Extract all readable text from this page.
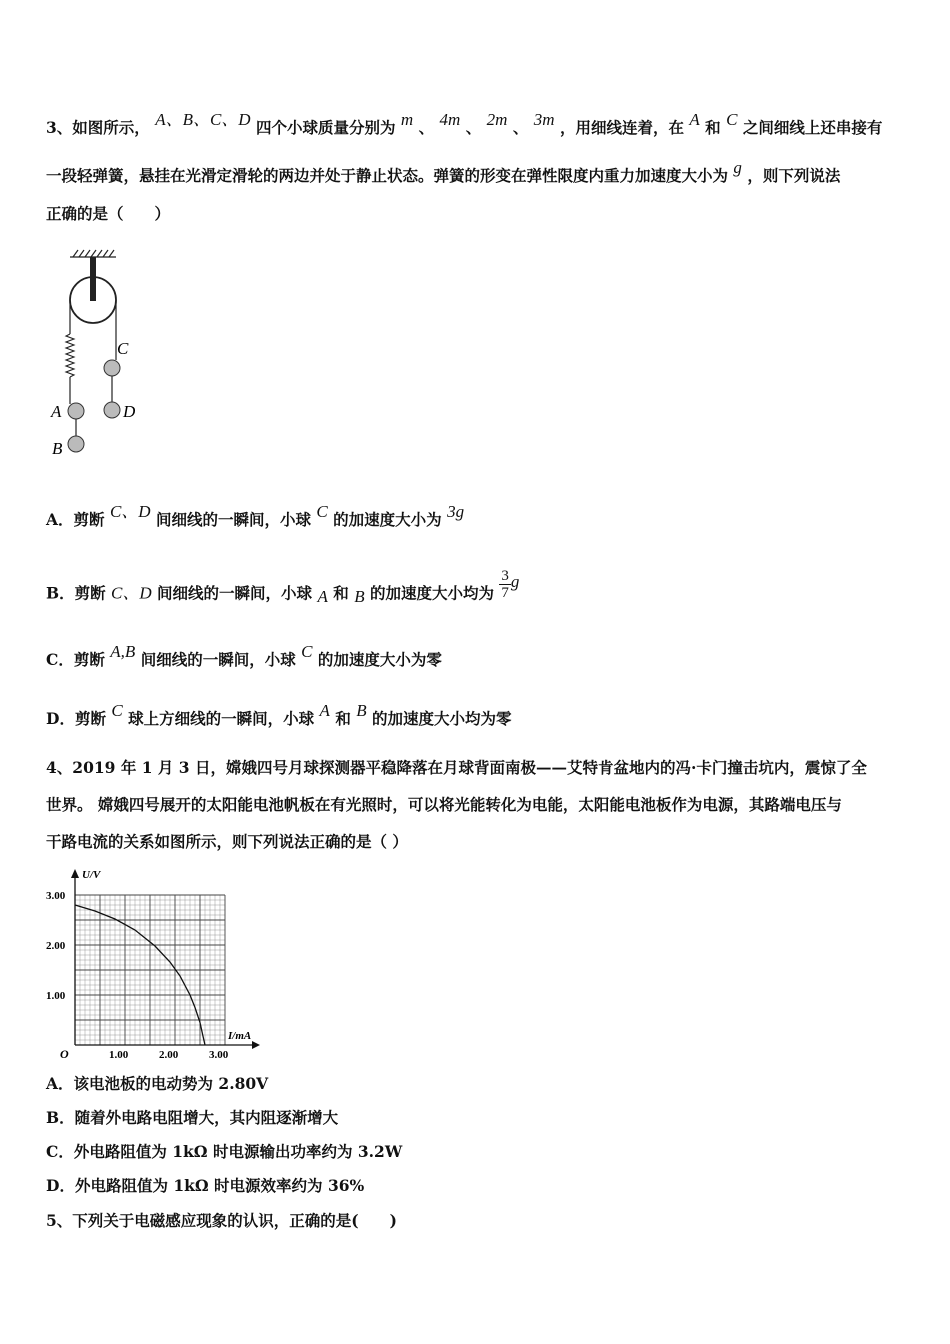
3、如图所示， A、B、C、D 四个小球质量分别为 m 、 4m 、 2m 、 3m ，用细线连着，在 A 和 C 之间细线上还串接有
一段轻弹簧，悬挂在光滑定滑轮的两边并处于静止状态。弹簧的形变在弹性限度内重力加速度大小为 g ，则下列说法
正确的是（　　）
C
D
A
B
A．剪断 C、D 间细线的一瞬间，小球 C 的加速度大小为 3g
B．剪断 C、D 间细线的一瞬间，小球 A 和 B 的加速度大小均为 $\frac{3}{7}$ g
C．剪断 A,B 间细线的一瞬间，小球 C 的加速度大小为零
D．剪断 C 球上方细线的一瞬间，小球 A 和 B 的加速度大小均为零
4、2019 年 1 月 3 日，嫦娥四号月球探测器平稳降落在月球背面南极——艾特肯盆地内的冯·卡门撞击坑内，震惊了全
世界。 嫦娥四号展开的太阳能电池帆板在有光照时，可以将光能转化为电能，太阳能电池板作为电源，其路端电压与
干路电流的关系如图所示，则下列说法正确的是（ ）
U/V
I/mA
O	1.00	2.00	3.00
1.00
2.00
3.00
A．该电池板的电动势为 2.80V
B．随着外电路电阻增大，其内阻逐渐增大
C．外电路阻值为 1kΩ 时电源输出功率约为 3.2W
D．外电路阻值为 1kΩ 时电源效率约为 36%
5、下列关于电磁感应现象的认识，正确的是(　　)
